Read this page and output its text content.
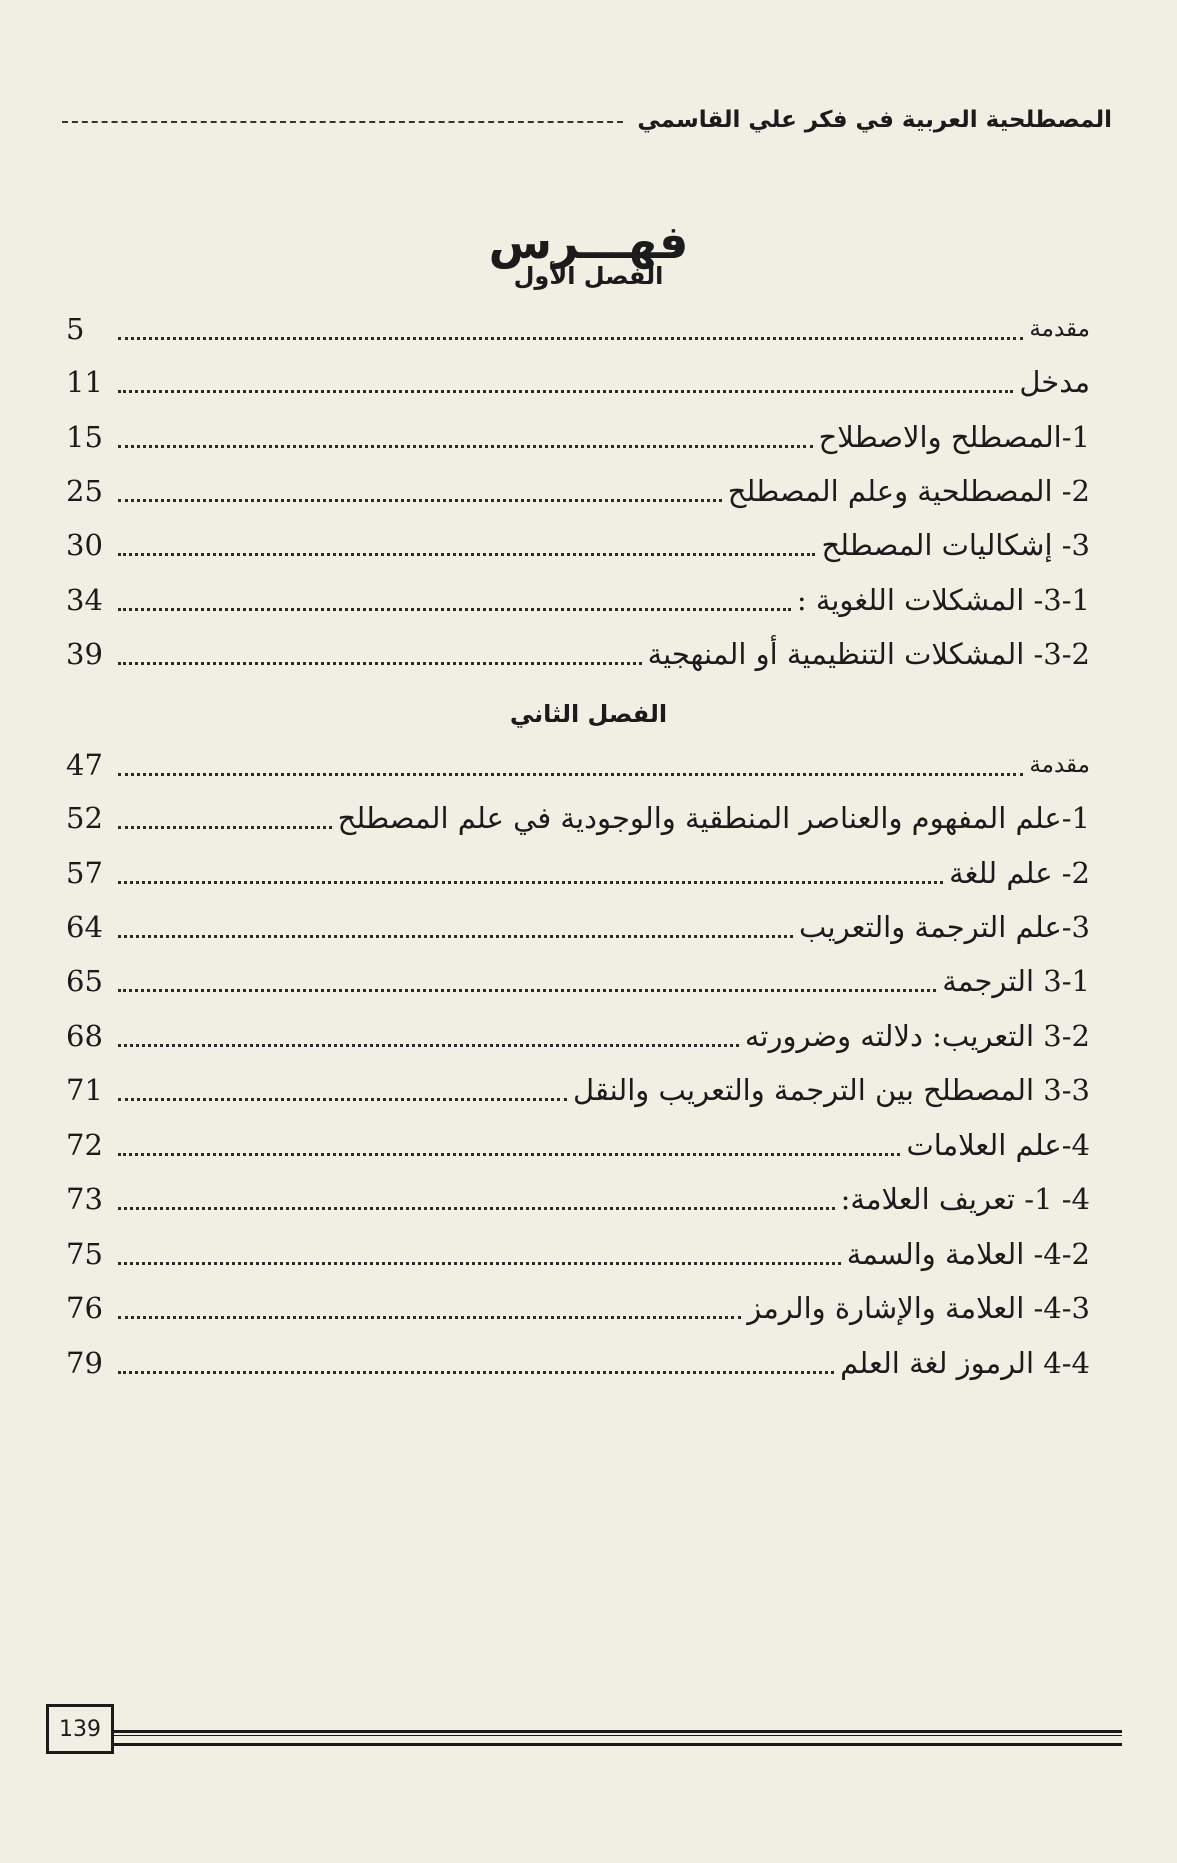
المصطلحية العربية في فكر علي القاسمي
فهـــرس
الفصل الأول
مقدمة
5
مدخل
11
1-المصطلح والاصطلاح
15
2- المصطلحية وعلم المصطلح
25
3- إشكاليات المصطلح
30
3-1- المشكلات اللغوية :
34
3-2- المشكلات التنظيمية أو المنهجية
39
الفصل الثاني
مقدمة
47
1-علم المفهوم والعناصر المنطقية والوجودية في علم المصطلح
52
2- علم للغة
57
3-علم الترجمة والتعريب
64
3-1 الترجمة
65
3-2 التعريب: دلالته وضرورته
68
3-3 المصطلح بين الترجمة والتعريب والنقل
71
4-علم العلامات
72
4- 1- تعريف العلامة:
73
4-2- العلامة والسمة
75
4-3- العلامة والإشارة والرمز
76
4-4 الرموز لغة العلم
79
139
